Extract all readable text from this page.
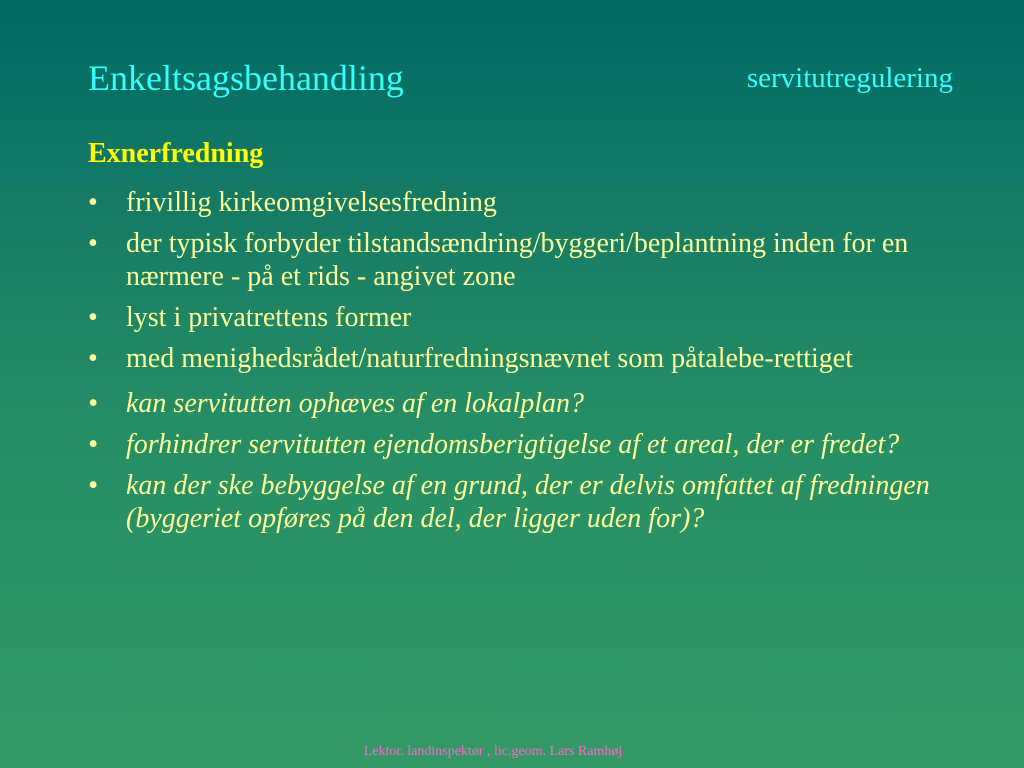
Enkeltsagsbehandling	servitutregulering
Exnerfredning
• frivillig kirkeomgivelsesfredning
• der typisk forbyder tilstandsændring/byggeri/beplantning inden for en nærmere - på et rids - angivet zone
• lyst i privatrettens former
• med menighedsrådet/naturfredningsnævnet som påtalebe-rettiget
• kan servitutten ophæves af en lokalplan?
• forhindrer servitutten ejendomsberigtigelse af et areal, der er fredet?
• kan der ske bebyggelse af en grund, der er delvis omfattet af fredningen (byggeriet opføres på den del, der ligger uden for)?
Lektor. landinspektør , lic.geom. Lars Ramhøj
